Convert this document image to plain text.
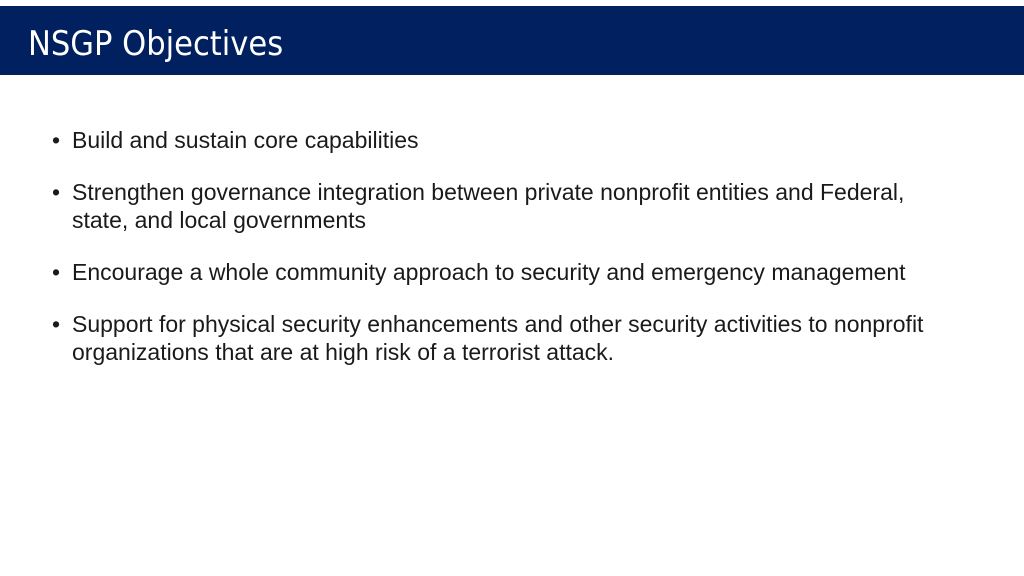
NSGP Objectives
• Build and sustain core capabilities
• Strengthen governance integration between private nonprofit entities and Federal, state, and local governments
• Encourage a whole community approach to security and emergency management
• Support for physical security enhancements and other security activities to nonprofit organizations that are at high risk of a terrorist attack.
